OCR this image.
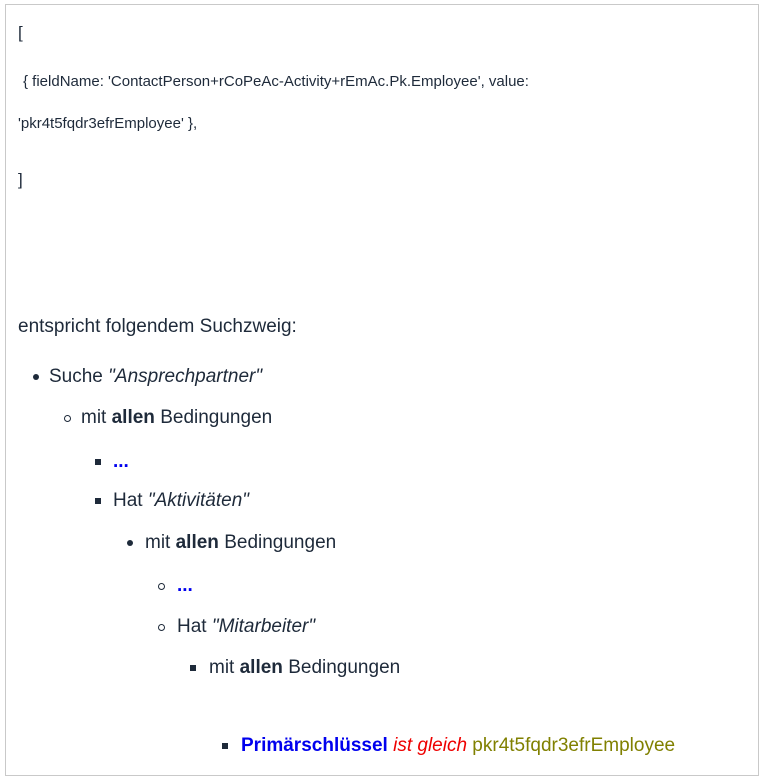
[
{ fieldName: 'ContactPerson+rCoPeAc-Activity+rEmAc.Pk.Employee', value:
'pkr4t5fqdr3efrEmployee' },
]
entspricht folgendem Suchzweig:
Suche "Ansprechpartner"
mit allen Bedingungen
...
Hat "Aktivitäten"
mit allen Bedingungen
...
Hat "Mitarbeiter"
mit allen Bedingungen
Primärschlüssel ist gleich pkr4t5fqdr3efrEmployee
